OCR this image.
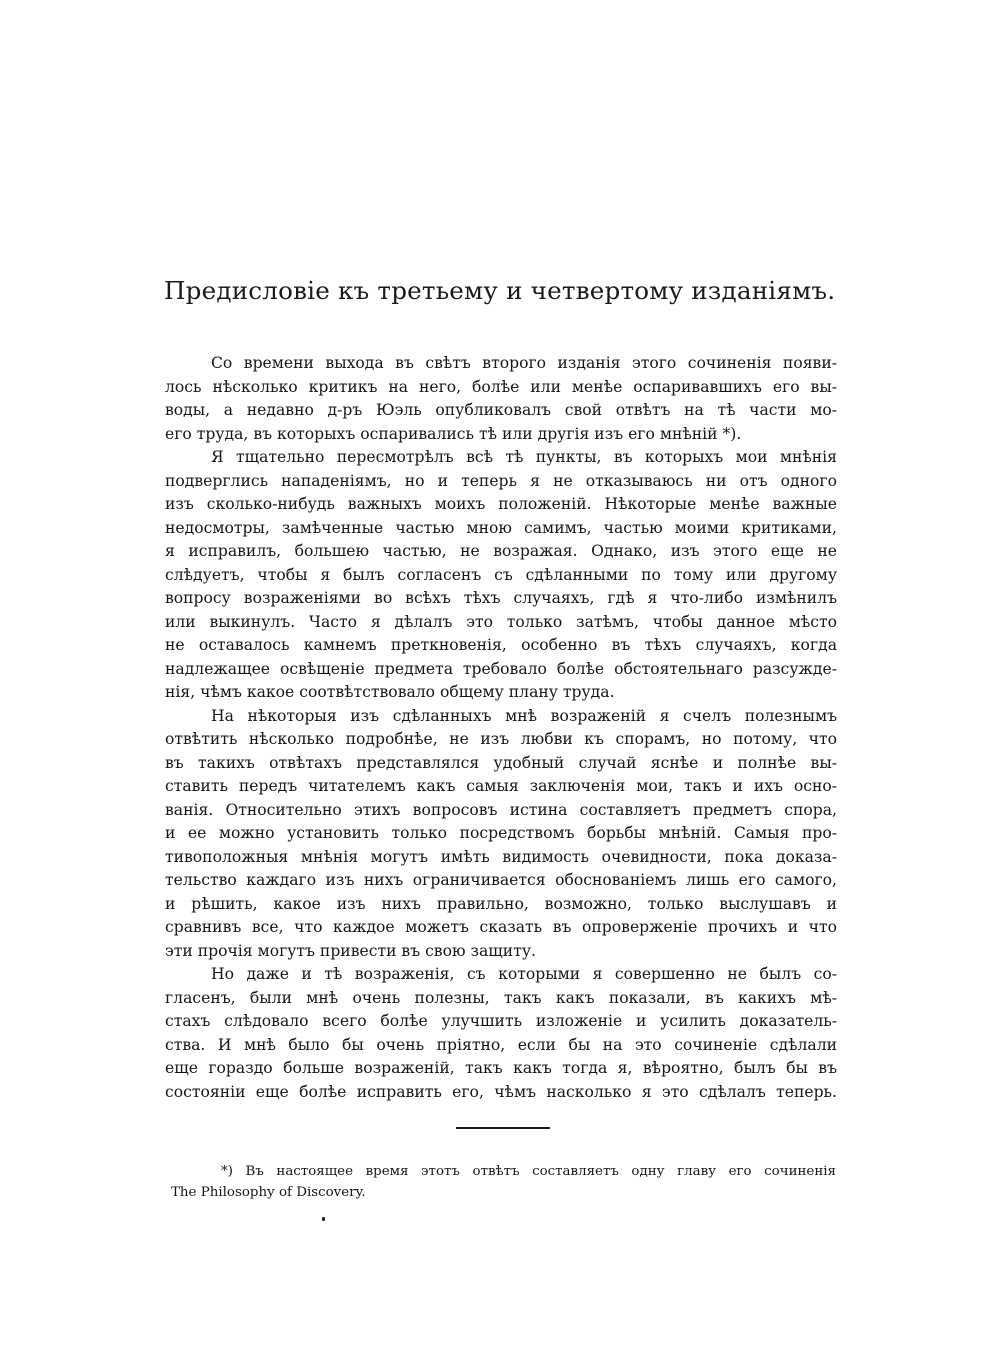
Предисловіе къ третьему и четвертому изданіямъ.

Со времени выхода въ свѣтъ второго изданія этого сочиненія появи-
лось нѣсколько критикъ на него, болѣе или менѣе оспаривавшихъ его вы-
воды, а недавно д-ръ Юэль опубликовалъ свой отвѣтъ на тѣ части мо-
его труда, въ которыхъ оспаривались тѣ или другія изъ его мнѣній *).

Я тщательно пересмотрѣлъ всѣ тѣ пункты, въ которыхъ мои мнѣнія
подверглись нападеніямъ, но и теперь я не отказываюсь ни отъ одного
изъ сколько-нибудь важныхъ моихъ положеній. Нѣкоторые менѣе важные
недосмотры, замѣченные частью мною самимъ, частью моими критиками,
я исправилъ, большею частью, не возражая. Однако, изъ этого еще не
слѣдуетъ, чтобы я былъ согласенъ съ сдѣланными по тому или другому
вопросу возраженіями во всѣхъ тѣхъ случаяхъ, гдѣ я что-либо измѣнилъ
или выкинулъ. Часто я дѣлалъ это только затѣмъ, чтобы данное мѣсто
не оставалось камнемъ преткновенія, особенно въ тѣхъ случаяхъ, когда
надлежащее освѣщеніе предмета требовало болѣе обстоятельнаго разсужде-
нія, чѣмъ какое соотвѣтствовало общему плану труда.

На нѣкоторыя изъ сдѣланныхъ мнѣ возраженій я счелъ полезнымъ
отвѣтить нѣсколько подробнѣе, не изъ любви къ спорамъ, но потому, что
въ такихъ отвѣтахъ представлялся удобный случай яснѣе и полнѣе вы-
ставить передъ читателемъ какъ самыя заключенія мои, такъ и ихъ осно-
ванія. Относительно этихъ вопросовъ истина составляетъ предметъ спора,
и ее можно установить только посредствомъ борьбы мнѣній. Самыя про-
тивоположныя мнѣнія могутъ имѣть видимость очевидности, пока доказа-
тельство каждаго изъ нихъ ограничивается обоснованіемъ лишь его самого,
и рѣшить, какое изъ нихъ правильно, возможно, только выслушавъ и
сравнивъ все, что каждое можетъ сказать въ опроверженіе прочихъ и что
эти прочія могутъ привести въ свою защиту.

Но даже и тѣ возраженія, съ которыми я совершенно не былъ со-
гласенъ, были мнѣ очень полезны, такъ какъ показали, въ какихъ мѣ-
стахъ слѣдовало всего болѣе улучшить изложеніе и усилить доказатель-
ства. И мнѣ было бы очень пріятно, если бы на это сочиненіе сдѣлали
еще гораздо больше возраженій, такъ какъ тогда я, вѣроятно, былъ бы въ
состояніи еще болѣе исправить его, чѣмъ насколько я это сдѣлалъ теперь.

*) Въ настоящее время этотъ отвѣтъ составляетъ одну главу его сочиненія
The Philosophy of Discovery.
